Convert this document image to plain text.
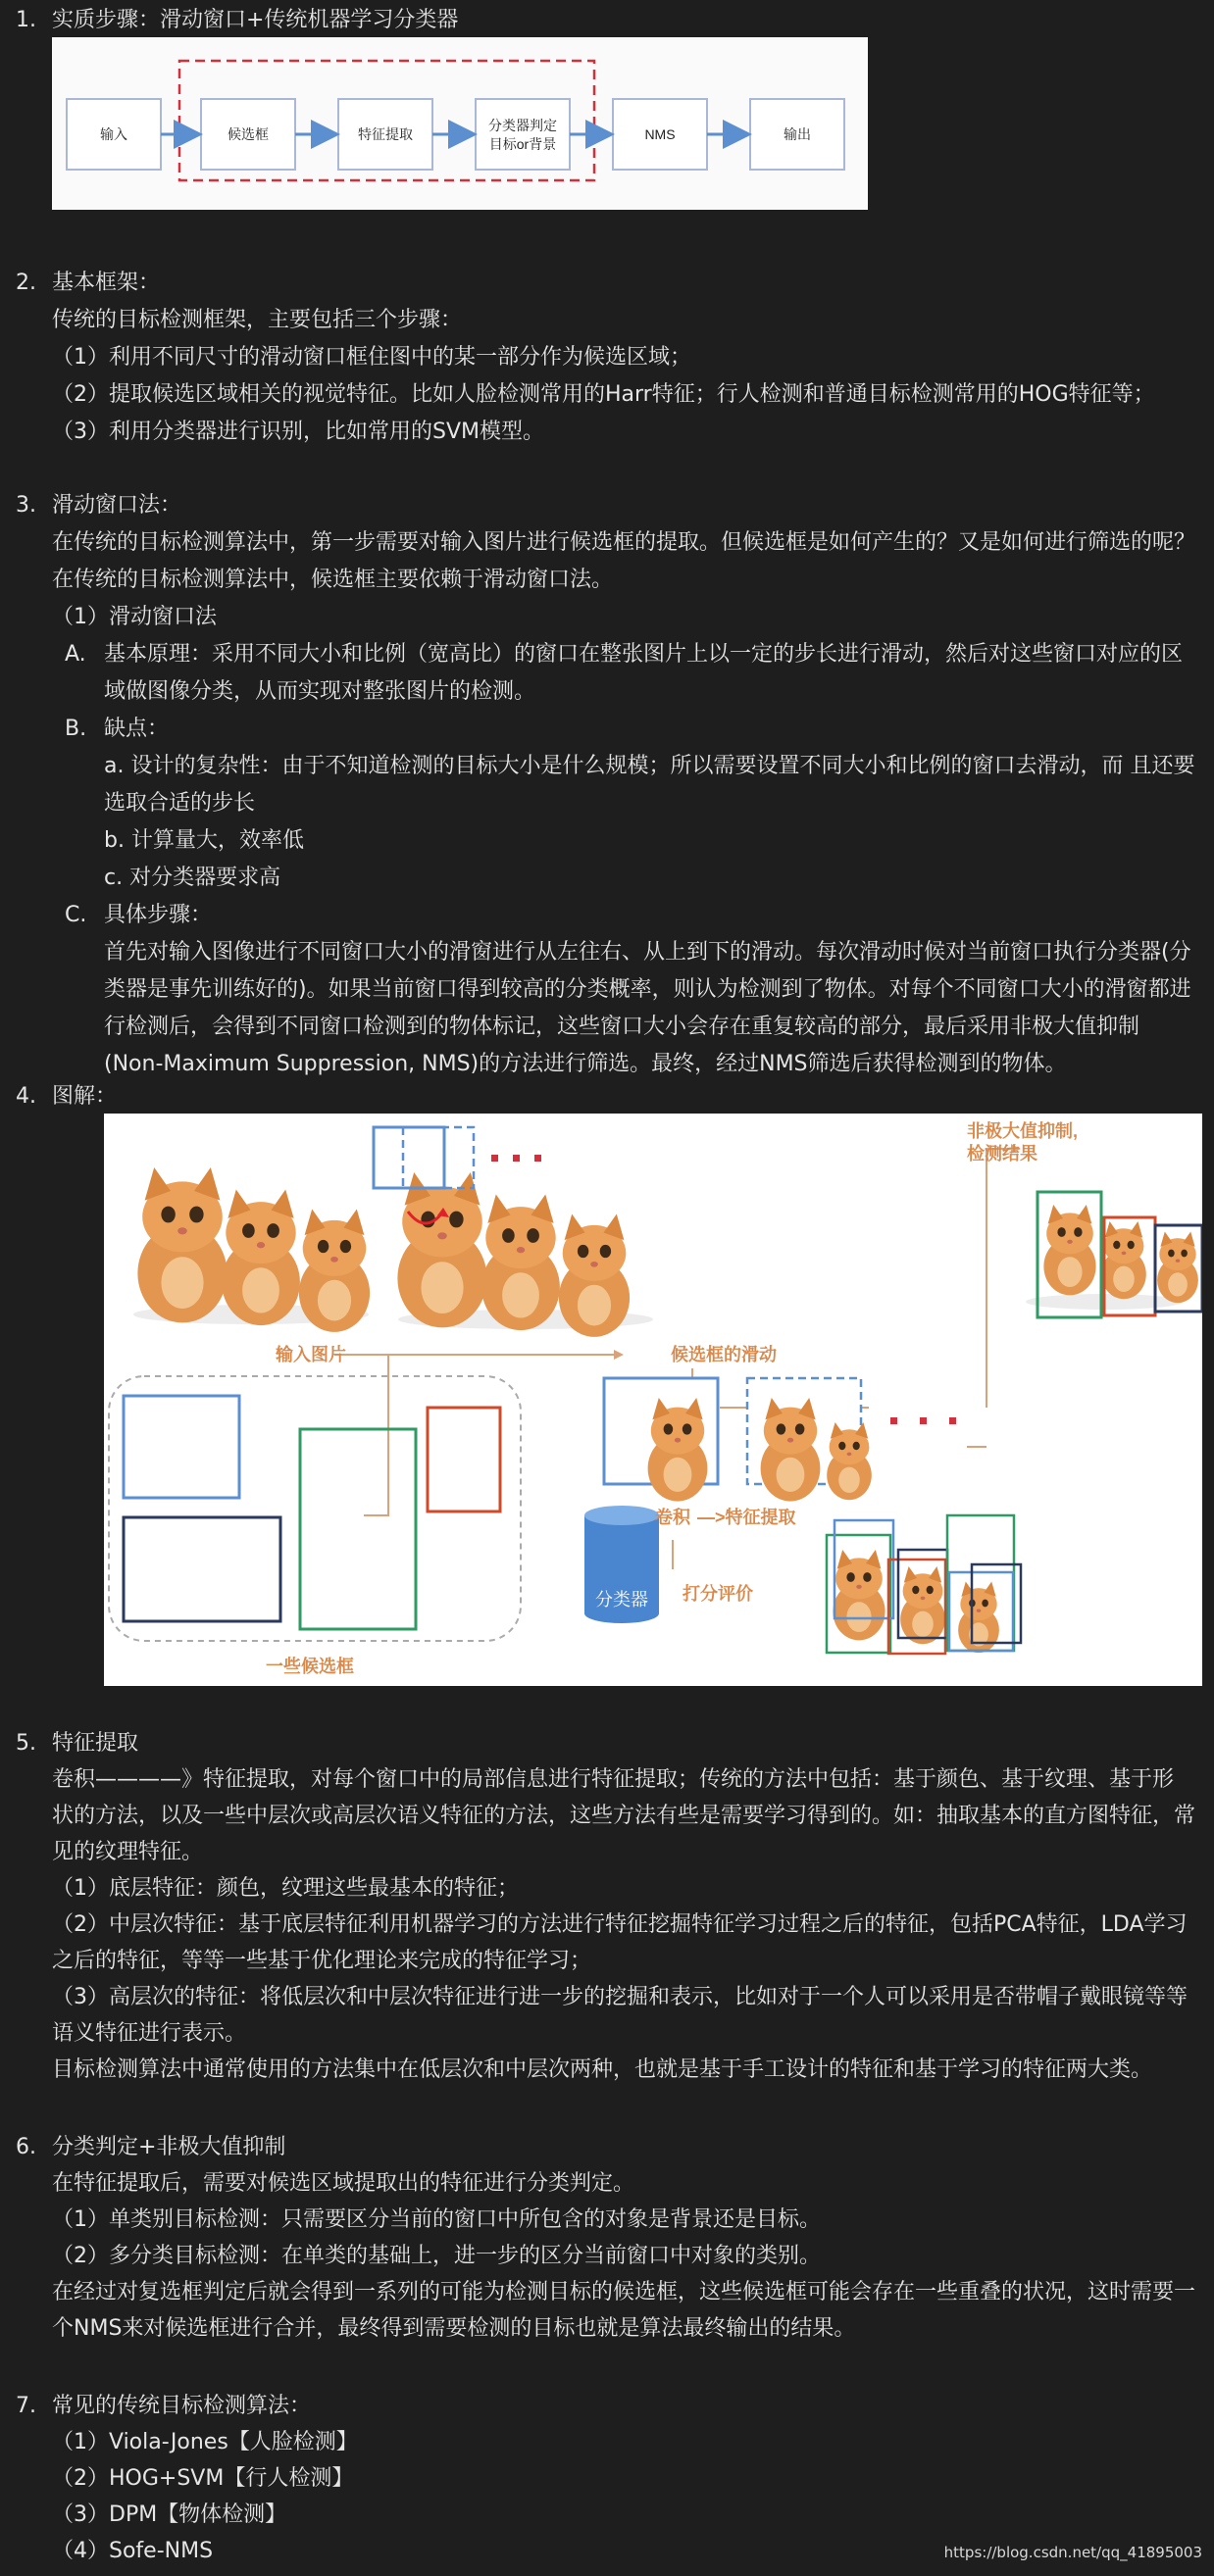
1. 实质步骤：滑动窗口+传统机器学习分类器
输入	候选框	特征提取
分类器判定
目标or背景
NMS	输出
2. 基本框架：
传统的目标检测框架，主要包括三个步骤：
（1）利用不同尺寸的滑动窗口框住图中的某一部分作为候选区域；
（2）提取候选区域相关的视觉特征。比如人脸检测常用的Harr特征；行人检测和普通目标检测常用的HOG特征等；
（3）利用分类器进行识别，比如常用的SVM模型。
3. 滑动窗口法：
在传统的目标检测算法中，第一步需要对输入图片进行候选框的提取。但候选框是如何产生的？又是如何进行筛选的呢？
在传统的目标检测算法中，候选框主要依赖于滑动窗口法。
（1）滑动窗口法
A. 基本原理：采用不同大小和比例（宽高比）的窗口在整张图片上以一定的步长进行滑动，然后对这些窗口对应的区
域做图像分类，从而实现对整张图片的检测。
B. 缺点：
a. 设计的复杂性：由于不知道检测的目标大小是什么规模；所以需要设置不同大小和比例的窗口去滑动，而 且还要
选取合适的步长
b. 计算量大，效率低
c. 对分类器要求高
C. 具体步骤：
首先对输入图像进行不同窗口大小的滑窗进行从左往右、从上到下的滑动。每次滑动时候对当前窗口执行分类器(分
类器是事先训练好的)。如果当前窗口得到较高的分类概率，则认为检测到了物体。对每个不同窗口大小的滑窗都进
行检测后，会得到不同窗口检测到的物体标记，这些窗口大小会存在重复较高的部分，最后采用非极大值抑制
(Non-Maximum Suppression, NMS)的方法进行筛选。最终，经过NMS筛选后获得检测到的物体。
4. 图解：
输入图片	候选框的滑动
非极大值抑制,
检测结果
卷积 —>特征提取
打分评价
一些候选框
分类器
5. 特征提取
卷积————》特征提取，对每个窗口中的局部信息进行特征提取；传统的方法中包括：基于颜色、基于纹理、基于形
状的方法，以及一些中层次或高层次语义特征的方法，这些方法有些是需要学习得到的。如：抽取基本的直方图特征，常
见的纹理特征。
（1）底层特征：颜色，纹理这些最基本的特征；
（2）中层次特征：基于底层特征利用机器学习的方法进行特征挖掘特征学习过程之后的特征，包括PCA特征，LDA学习
之后的特征，等等一些基于优化理论来完成的特征学习；
（3）高层次的特征：将低层次和中层次特征进行进一步的挖掘和表示，比如对于一个人可以采用是否带帽子戴眼镜等等
语义特征进行表示。
目标检测算法中通常使用的方法集中在低层次和中层次两种，也就是基于手工设计的特征和基于学习的特征两大类。
6. 分类判定+非极大值抑制
在特征提取后，需要对候选区域提取出的特征进行分类判定。
（1）单类别目标检测：只需要区分当前的窗口中所包含的对象是背景还是目标。
（2）多分类目标检测：在单类的基础上，进一步的区分当前窗口中对象的类别。
在经过对复选框判定后就会得到一系列的可能为检测目标的候选框，这些候选框可能会存在一些重叠的状况，这时需要一
个NMS来对候选框进行合并，最终得到需要检测的目标也就是算法最终输出的结果。
7. 常见的传统目标检测算法：
（1）Viola-Jones【人脸检测】
（2）HOG+SVM【行人检测】
（3）DPM【物体检测】
（4）Sofe-NMS	https://blog.csdn.net/qq_41895003
